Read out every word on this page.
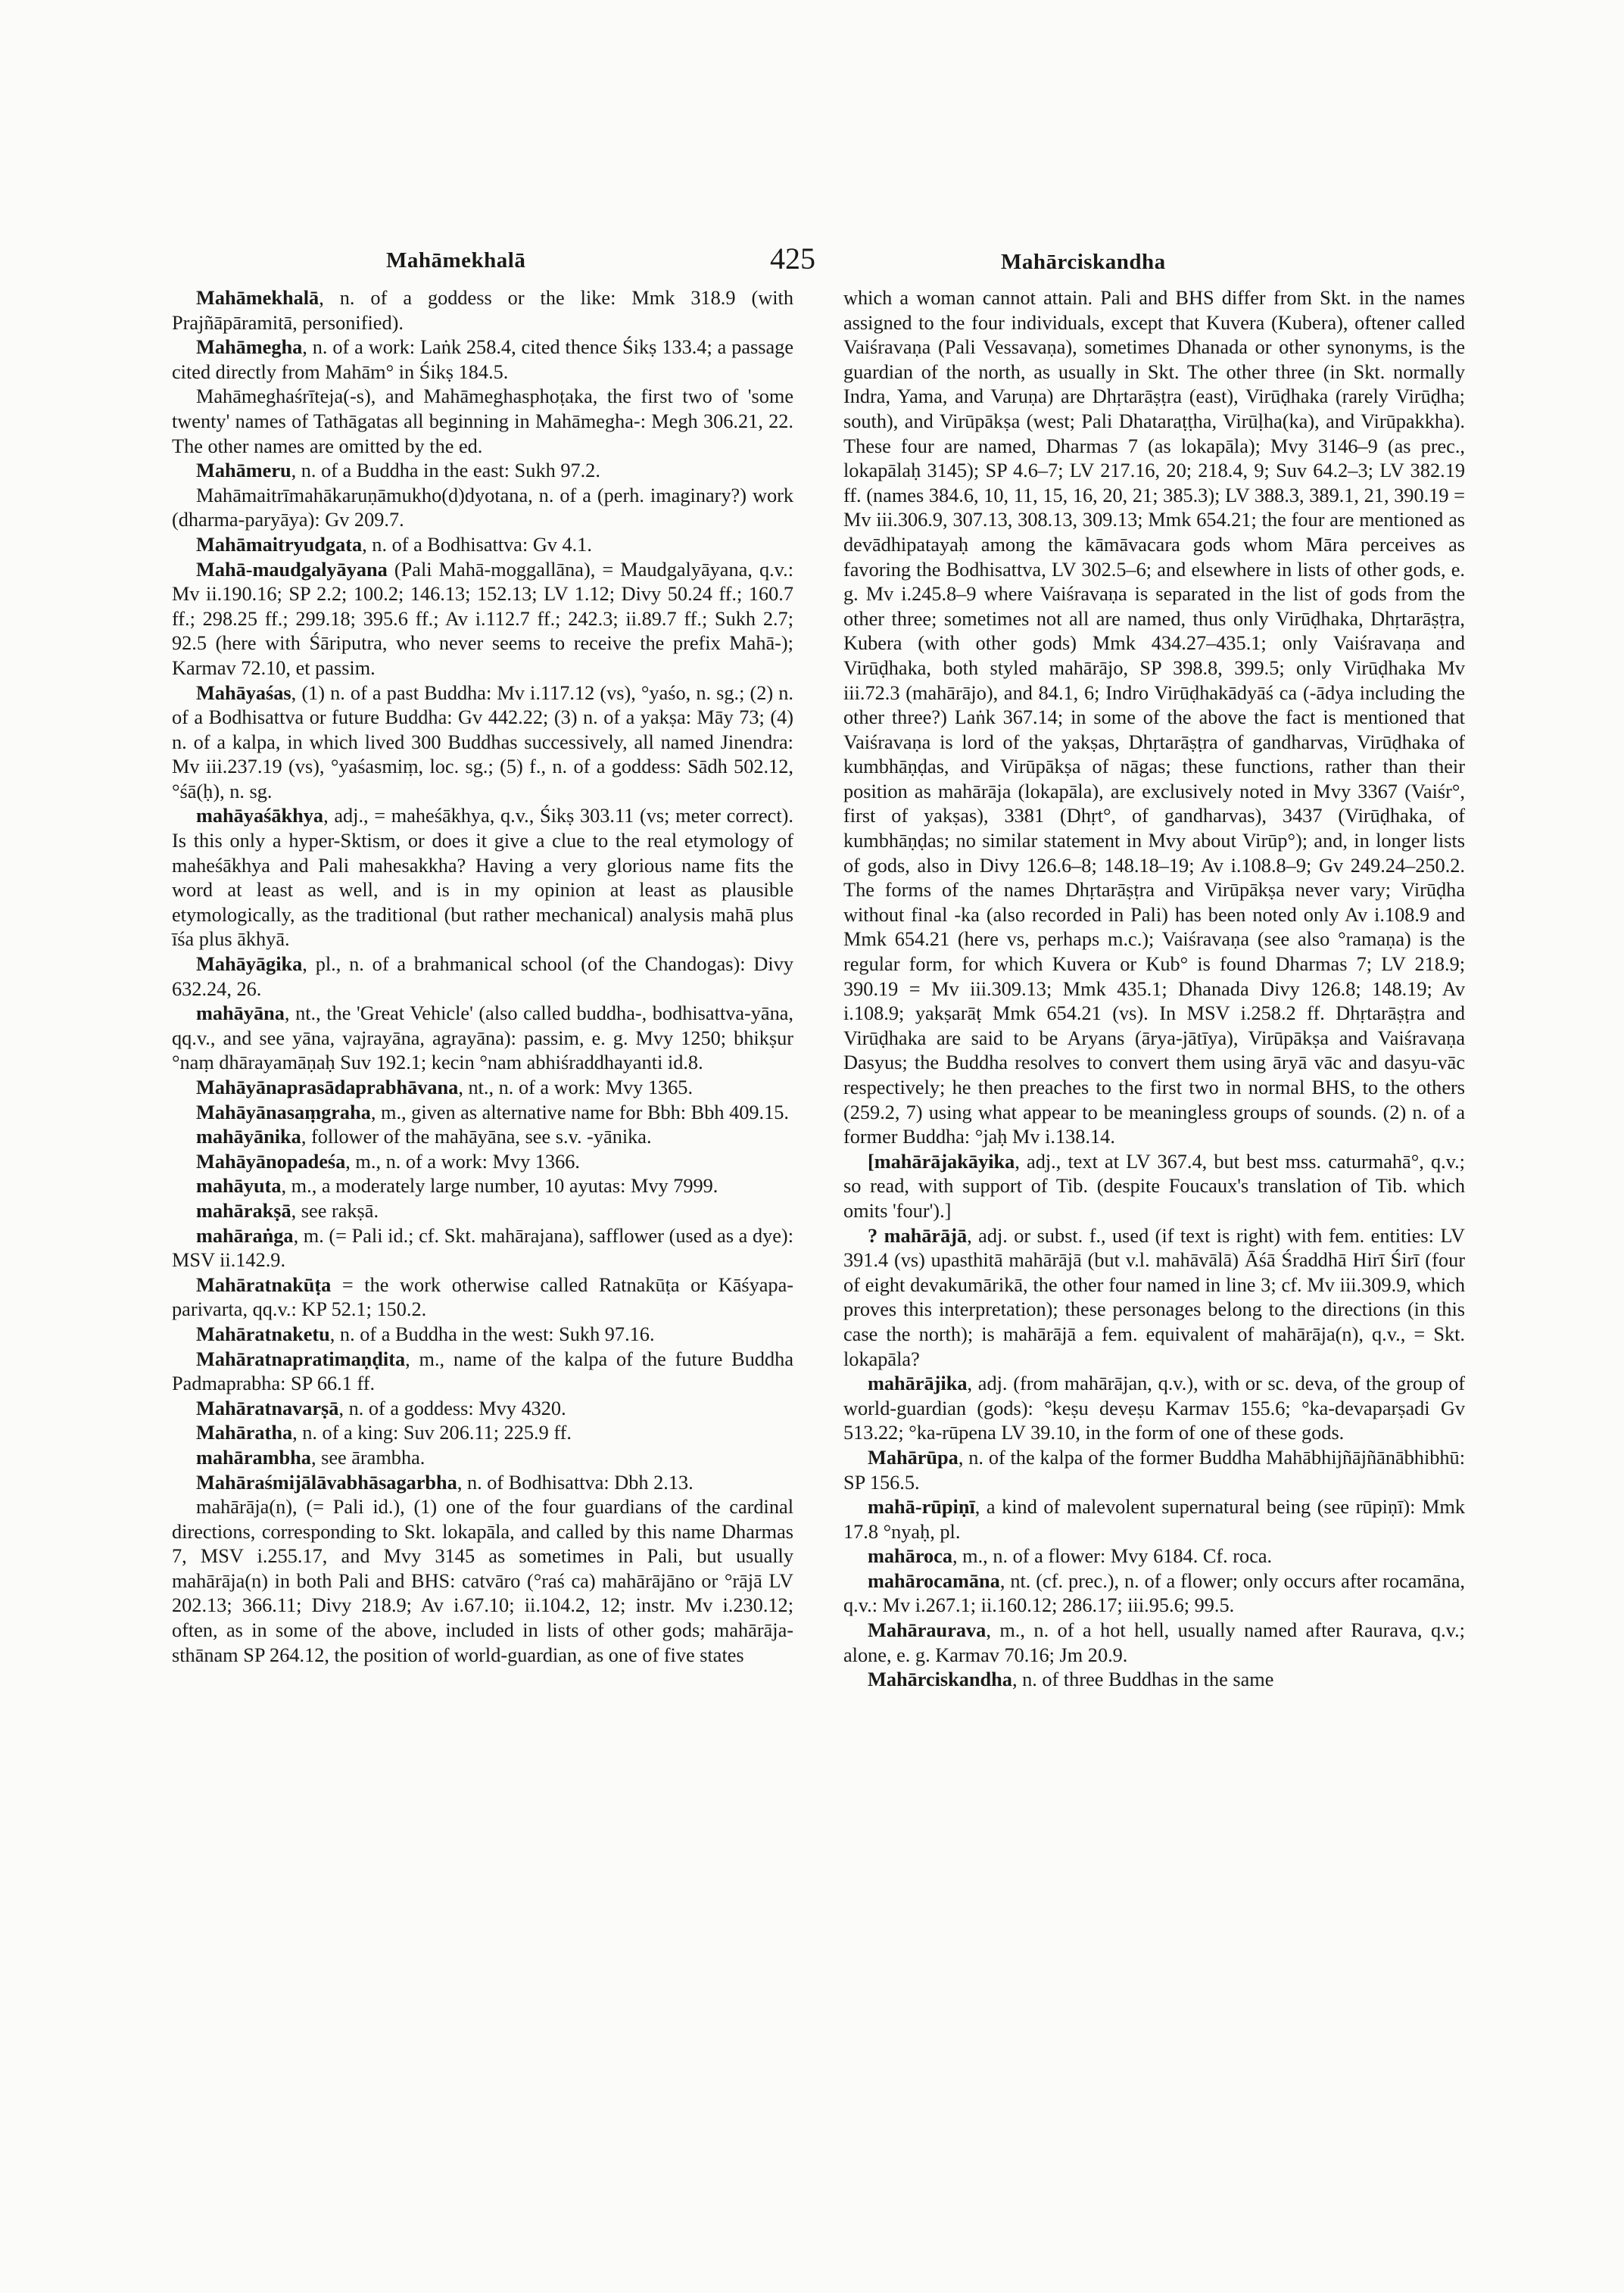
Mahāmekhalā	425	Mahārciskandha

Mahāmekhalā, n. of a goddess or the like: Mmk 318.9 (with Prajñāpāramitā, personified).

Mahāmegha, n. of a work: Laṅk 258.4, cited thence Śikṣ 133.4; a passage cited directly from Mahām° in Śikṣ 184.5.

Mahāmeghaśrīteja(-s), and Mahāmeghasphoṭaka, the first two of 'some twenty' names of Tathāgatas all beginning in Mahāmegha-: Megh 306.21, 22. The other names are omitted by the ed.

Mahāmeru, n. of a Buddha in the east: Sukh 97.2.

Mahāmaitrīmahākaruṇāmukho(d)dyotana, n. of a (perh. imaginary?) work (dharma-paryāya): Gv 209.7.

Mahāmaitryudgata, n. of a Bodhisattva: Gv 4.1.

Mahā-maudgalyāyana (Pali Mahā-moggallāna), = Maudgalyāyana, q.v.: Mv ii.190.16; SP 2.2; 100.2; 146.13; 152.13; LV 1.12; Divy 50.24 ff.; 160.7 ff.; 298.25 ff.; 299.18; 395.6 ff.; Av i.112.7 ff.; 242.3; ii.89.7 ff.; Sukh 2.7; 92.5 (here with Śāriputra, who never seems to receive the prefix Mahā-); Karmav 72.10, et passim.

Mahāyaśas, (1) n. of a past Buddha: Mv i.117.12 (vs), °yaśo, n. sg.; (2) n. of a Bodhisattva or future Buddha: Gv 442.22; (3) n. of a yakṣa: Māy 73; (4) n. of a kalpa, in which lived 300 Buddhas successively, all named Jinendra: Mv iii.237.19 (vs), °yaśasmiṃ, loc. sg.; (5) f., n. of a goddess: Sādh 502.12, °śā(ḥ), n. sg.

mahāyaśākhya, adj., = maheśākhya, q.v., Śikṣ 303.11 (vs; meter correct). Is this only a hyper-Sktism, or does it give a clue to the real etymology of maheśākhya and Pali mahesakkha? Having a very glorious name fits the word at least as well, and is in my opinion at least as plausible etymologically, as the traditional (but rather mechanical) analysis mahā plus īśa plus ākhyā.

Mahāyāgika, pl., n. of a brahmanical school (of the Chandogas): Divy 632.24, 26.

mahāyāna, nt., the 'Great Vehicle' (also called buddha-, bodhisattva-yāna, qq.v., and see yāna, vajrayāna, agrayāna): passim, e. g. Mvy 1250; bhikṣur °naṃ dhārayamāṇaḥ Suv 192.1; kecin °nam abhiśraddhayanti id.8.

Mahāyānaprasādaprabhāvana, nt., n. of a work: Mvy 1365.

Mahāyānasaṃgraha, m., given as alternative name for Bbh: Bbh 409.15.

mahāyānika, follower of the mahāyāna, see s.v. -yānika.

Mahāyānopadeśa, m., n. of a work: Mvy 1366.

mahāyuta, m., a moderately large number, 10 ayutas: Mvy 7999.

mahārakṣā, see rakṣā.

mahāraṅga, m. (= Pali id.; cf. Skt. mahārajana), safflower (used as a dye): MSV ii.142.9.

Mahāratnakūṭa = the work otherwise called Ratnakūṭa or Kāśyapa-parivarta, qq.v.: KP 52.1; 150.2.

Mahāratnaketu, n. of a Buddha in the west: Sukh 97.16.

Mahāratnapratimaṇḍita, m., name of the kalpa of the future Buddha Padmaprabha: SP 66.1 ff.

Mahāratnavarṣā, n. of a goddess: Mvy 4320.

Mahāratha, n. of a king: Suv 206.11; 225.9 ff.

mahārambha, see ārambha.

Mahāraśmijālāvabhāsagarbha, n. of Bodhisattva: Dbh 2.13.

mahārāja(n), (= Pali id.), (1) one of the four guardians of the cardinal directions, corresponding to Skt. lokapāla, and called by this name Dharmas 7, MSV i.255.17, and Mvy 3145 as sometimes in Pali, but usually mahārāja(n) in both Pali and BHS: catvāro (°raś ca) mahārājāno or °rājā LV 202.13; 366.11; Divy 218.9; Av i.67.10; ii.104.2, 12; instr. Mv i.230.12; often, as in some of the above, included in lists of other gods; mahārāja-sthānam SP 264.12, the position of world-guardian, as one of five states

which a woman cannot attain. Pali and BHS differ from Skt. in the names assigned to the four individuals, except that Kuvera (Kubera), oftener called Vaiśravaṇa (Pali Vessavaṇa), sometimes Dhanada or other synonyms, is the guardian of the north, as usually in Skt. The other three (in Skt. normally Indra, Yama, and Varuṇa) are Dhṛtarāṣṭra (east), Virūḍhaka (rarely Virūḍha; south), and Virūpākṣa (west; Pali Dhataraṭṭha, Virūḷha(ka), and Virūpakkha). These four are named, Dharmas 7 (as lokapāla); Mvy 3146–9 (as prec., lokapālaḥ 3145); SP 4.6–7; LV 217.16, 20; 218.4, 9; Suv 64.2–3; LV 382.19 ff. (names 384.6, 10, 11, 15, 16, 20, 21; 385.3); LV 388.3, 389.1, 21, 390.19 = Mv iii.306.9, 307.13, 308.13, 309.13; Mmk 654.21; the four are mentioned as devādhipatayaḥ among the kāmāvacara gods whom Māra perceives as favoring the Bodhisattva, LV 302.5–6; and elsewhere in lists of other gods, e. g. Mv i.245.8–9 where Vaiśravaṇa is separated in the list of gods from the other three; sometimes not all are named, thus only Virūḍhaka, Dhṛtarāṣṭra, Kubera (with other gods) Mmk 434.27–435.1; only Vaiśravaṇa and Virūḍhaka, both styled mahārājo, SP 398.8, 399.5; only Virūḍhaka Mv iii.72.3 (mahārājo), and 84.1, 6; Indro Virūḍhakādyāś ca (-ādya including the other three?) Laṅk 367.14; in some of the above the fact is mentioned that Vaiśravaṇa is lord of the yakṣas, Dhṛtarāṣṭra of gandharvas, Virūḍhaka of kumbhāṇḍas, and Virūpākṣa of nāgas; these functions, rather than their position as mahārāja (lokapāla), are exclusively noted in Mvy 3367 (Vaiśr°, first of yakṣas), 3381 (Dhṛt°, of gandharvas), 3437 (Virūḍhaka, of kumbhāṇḍas; no similar statement in Mvy about Virūp°); and, in longer lists of gods, also in Divy 126.6–8; 148.18–19; Av i.108.8–9; Gv 249.24–250.2. The forms of the names Dhṛtarāṣṭra and Virūpākṣa never vary; Virūḍha without final -ka (also recorded in Pali) has been noted only Av i.108.9 and Mmk 654.21 (here vs, perhaps m.c.); Vaiśravaṇa (see also °ramaṇa) is the regular form, for which Kuvera or Kub° is found Dharmas 7; LV 218.9; 390.19 = Mv iii.309.13; Mmk 435.1; Dhanada Divy 126.8; 148.19; Av i.108.9; yakṣarāṭ Mmk 654.21 (vs). In MSV i.258.2 ff. Dhṛtarāṣṭra and Virūḍhaka are said to be Aryans (ārya-jātīya), Virūpākṣa and Vaiśravaṇa Dasyus; the Buddha resolves to convert them using āryā vāc and dasyu-vāc respectively; he then preaches to the first two in normal BHS, to the others (259.2, 7) using what appear to be meaningless groups of sounds. (2) n. of a former Buddha: °jaḥ Mv i.138.14.

[mahārājakāyika, adj., text at LV 367.4, but best mss. caturmahā°, q.v.; so read, with support of Tib. (despite Foucaux's translation of Tib. which omits 'four').]

? mahārājā, adj. or subst. f., used (if text is right) with fem. entities: LV 391.4 (vs) upasthitā mahārājā (but v.l. mahāvālā) Āśā Śraddhā Hirī Śirī (four of eight devakumārikā, the other four named in line 3; cf. Mv iii.309.9, which proves this interpretation); these personages belong to the directions (in this case the north); is mahārājā a fem. equivalent of mahārāja(n), q.v., = Skt. lokapāla?

mahārājika, adj. (from mahārājan, q.v.), with or sc. deva, of the group of world-guardian (gods): °keṣu deveṣu Karmav 155.6; °ka-devaparṣadi Gv 513.22; °ka-rūpena LV 39.10, in the form of one of these gods.

Mahārūpa, n. of the kalpa of the former Buddha Mahābhijñājñānābhibhū: SP 156.5.

mahā-rūpiṇī, a kind of malevolent supernatural being (see rūpiṇī): Mmk 17.8 °nyaḥ, pl.

mahāroca, m., n. of a flower: Mvy 6184. Cf. roca.

mahārocamāna, nt. (cf. prec.), n. of a flower; only occurs after rocamāna, q.v.: Mv i.267.1; ii.160.12; 286.17; iii.95.6; 99.5.

Mahāraurava, m., n. of a hot hell, usually named after Raurava, q.v.; alone, e. g. Karmav 70.16; Jm 20.9.

Mahārciskandha, n. of three Buddhas in the same
